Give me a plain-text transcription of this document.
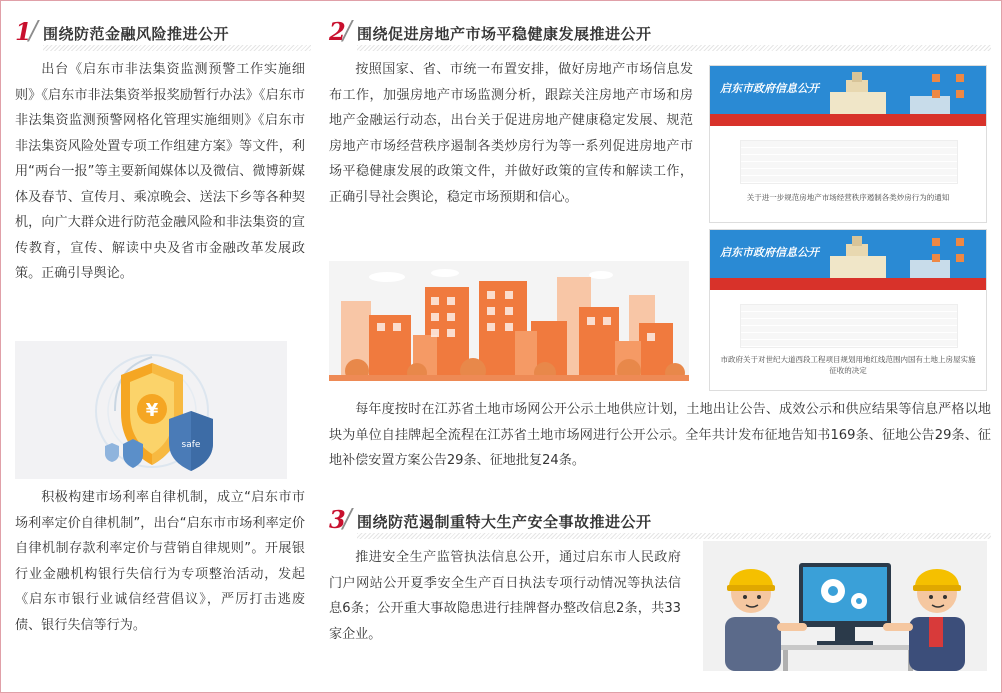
1
/ 围绕防范金融风险推进公开

出台《启东市非法集资监测预警工作实施细则》《启东市非法集资举报奖励暂行办法》《启东市非法集资监测预警网格化管理实施细则》《启东市非法集资风险处置专项工作组建方案》等文件，利用“两台一报”等主要新闻媒体以及微信、微博新媒体及春节、宣传月、乘凉晚会、送法下乡等各种契机，向广大群众进行防范金融风险和非法集资的宣传教育，宣传、解读中央及省市金融改革发展政策。正确引导舆论。

¥
safe

积极构建市场利率自律机制，成立“启东市市场利率定价自律机制”，出台“启东市市场利率定价自律机制存款利率定价与营销自律规则”。开展银行业金融机构银行失信行为专项整治活动，发起《启东市银行业诚信经营倡议》，严厉打击逃废债、银行失信等行为。

2
/ 围绕促进房地产市场平稳健康发展推进公开

按照国家、省、市统一布置安排，做好房地产市场信息发布工作，加强房地产市场监测分析，跟踪关注房地产市场和房地产金融运行动态，出台关于促进房地产健康稳定发展、规范房地产市场经营秩序遏制各类炒房行为等一系列促进房地产市场平稳健康发展的政策文件，并做好政策的宣传和解读工作，正确引导社会舆论，稳定市场预期和信心。

启东市政府信息公开
关于进一步规范房地产市场经营秩序遏制各类炒房行为的通知
启东市政府信息公开
市政府关于对世纪大道西段工程项目规划用地红线范围内国有土地上房屋实施征收的决定

每年度按时在江苏省土地市场网公开公示土地供应计划，土地出让公告、成效公示和供应结果等信息严格以地块为单位自挂牌起全流程在江苏省土地市场网进行公开公示。全年共计发布征地告知书169条、征地公告29条、征地补偿安置方案公告29条、征地批复24条。

3
/ 围绕防范遏制重特大生产安全事故推进公开

推进安全生产监管执法信息公开，通过启东市人民政府门户网站公开夏季安全生产百日执法专项行动情况等执法信息6条；公开重大事故隐患进行挂牌督办整改信息2条，共33家企业。
